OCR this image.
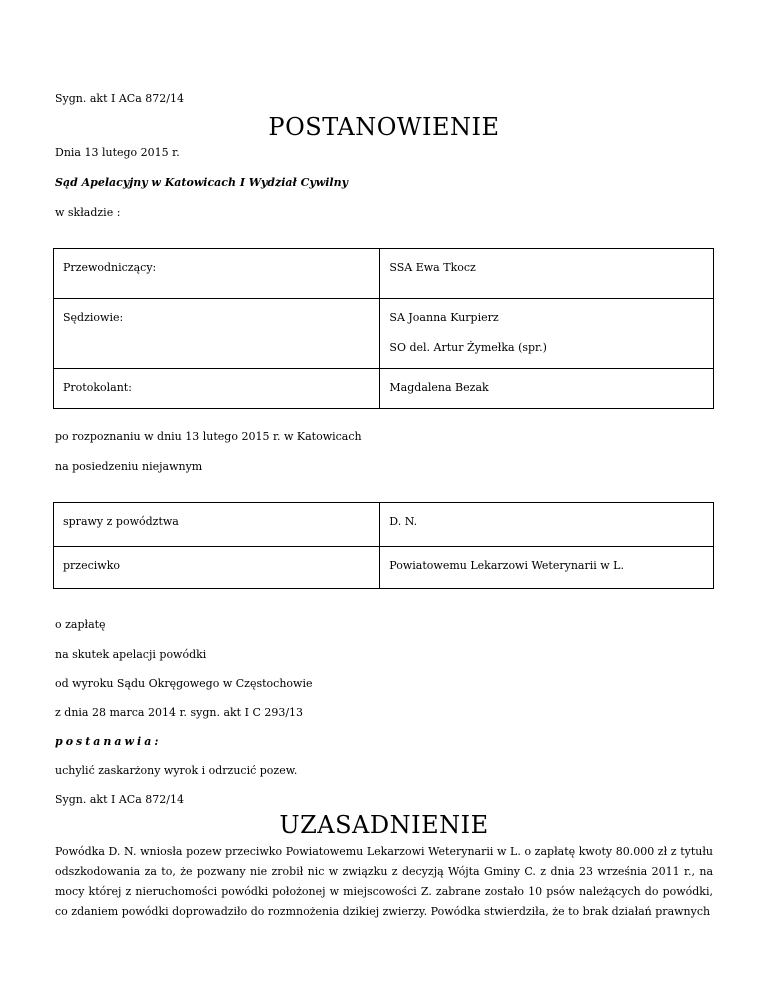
Sygn. akt I ACa 872/14
POSTANOWIENIE
Dnia 13 lutego 2015 r.
Sąd Apelacyjny w Katowicach I Wydział Cywilny
w składzie :
Przewodniczący:	SSA Ewa Tkocz

Sędziowie:	SA Joanna Kurpierz
SO del. Artur Żymełka (spr.)

Protokolant:	Magdalena Bezak
po rozpoznaniu w dniu 13 lutego 2015 r. w Katowicach
na posiedzeniu niejawnym
sprawy z powództwa	D. N.

przeciwko	Powiatowemu Lekarzowi Weterynarii w L.
o zapłatę
na skutek apelacji powódki
od wyroku Sądu Okręgowego w Częstochowie
z dnia 28 marca 2014 r. sygn. akt I C 293/13
postanawia:
uchylić zaskarżony wyrok i odrzucić pozew.
Sygn. akt I ACa 872/14
UZASADNIENIE
Powódka D. N. wniosła pozew przeciwko Powiatowemu Lekarzowi Weterynarii w L. o zapłatę kwoty 80.000 zł z tytułu odszkodowania za to, że pozwany nie zrobił nic w związku z decyzją Wójta Gminy C. z dnia 23 września 2011 r., na mocy której z nieruchomości powódki położonej w miejscowości Z. zabrane zostało 10 psów należących do powódki, co zdaniem powódki doprowadziło do rozmnożenia dzikiej zwierzy. Powódka stwierdziła, że to brak działań prawnych
